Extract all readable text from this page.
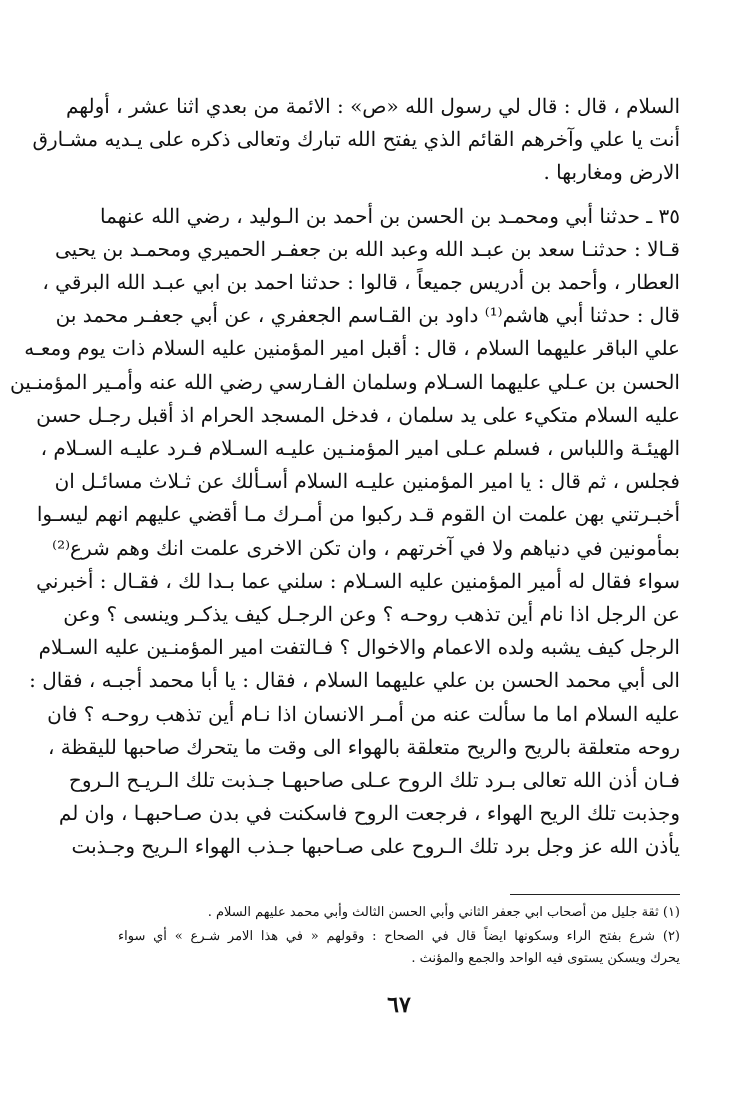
السلام ، قال : قال لي رسول الله «ص» : الائمة من بعدي اثنا عشر ، أولهم
أنت يا علي وآخرهم القائم الذي يفتح الله تبارك وتعالى ذكره على يـديه مشـارق
الارض ومغاربها .
٣٥ ـ حدثنا أبي ومحمـد بن الحسن بن أحمد بن الـوليد ، رضي الله عنهما
قـالا : حدثنـا سعد بن عبـد الله وعبد الله بن جعفـر الحميري ومحمـد بن يحيى
العطار ، وأحمد بن أدريس جميعاً ، قالوا : حدثنا احمد بن ابي عبـد الله البرقي ،
قال : حدثنا أبي هاشم⁽¹⁾ داود بن القـاسم الجعفري ، عن أبي جعفـر محمد بن
علي الباقر عليهما السلام ، قال : أقبل امير المؤمنين عليه السلام ذات يوم ومعـه
الحسن بن عـلي عليهما السـلام وسلمان الفـارسي رضي الله عنه وأمـير المؤمنـين
عليه السلام متكيء على يد سلمان ، فدخل المسجد الحرام اذ أقبل رجـل حسن
الهيئـة واللباس ، فسلم عـلى امير المؤمنـين عليـه السـلام فـرد عليـه السـلام ،
فجلس ، ثم قال : يا امير المؤمنين عليـه السلام أسـألك عن ثـلاث مسائـل ان
أخبـرتني بهن علمت ان القوم قـد ركبوا من أمـرك مـا أقضي عليهم انهم ليسـوا
بمأمونين في دنياهم ولا في آخرتهم ، وان تكن الاخرى علمت انك وهم شرع⁽²⁾
سواء فقال له أمير المؤمنين عليه السـلام : سلني عما بـدا لك ، فقـال : أخبرني
عن الرجل اذا نام أين تذهب روحـه ؟ وعن الرجـل كيف يذكـر وينسى ؟ وعن
الرجل كيف يشبه ولده الاعمام والاخوال ؟ فـالتفت امير المؤمنـين عليه السـلام
الى أبي محمد الحسن بن علي عليهما السلام ، فقال : يا أبا محمد أجبـه ، فقال :
عليه السلام اما ما سألت عنه من أمـر الانسان اذا نـام أين تذهب روحـه ؟ فان
روحه متعلقة بالريح والريح متعلقة بالهواء الى وقت ما يتحرك صاحبها لليقظة ،
فـان أذن الله تعالى بـرد تلك الروح عـلى صاحبهـا جـذبت تلك الـريـح الـروح
وجذبت تلك الريح الهواء ، فرجعت الروح فاسكنت في بدن صـاحبهـا ، وان لم
يأذن الله عز وجل برد تلك الـروح على صـاحبها جـذب الهواء الـريح وجـذبت
(١) ثقة جليل من أصحاب ابي جعفر الثاني وأبي الحسن الثالث وأبي محمد عليهم السلام .
(٢) شرع بفتح الراء وسكونها ايضاً قال في الصحاح : وقولهم « في هذا الامر شـرع » أي سواء
يحرك ويسكن يستوى فيه الواحد والجمع والمؤنث .
٦٧
